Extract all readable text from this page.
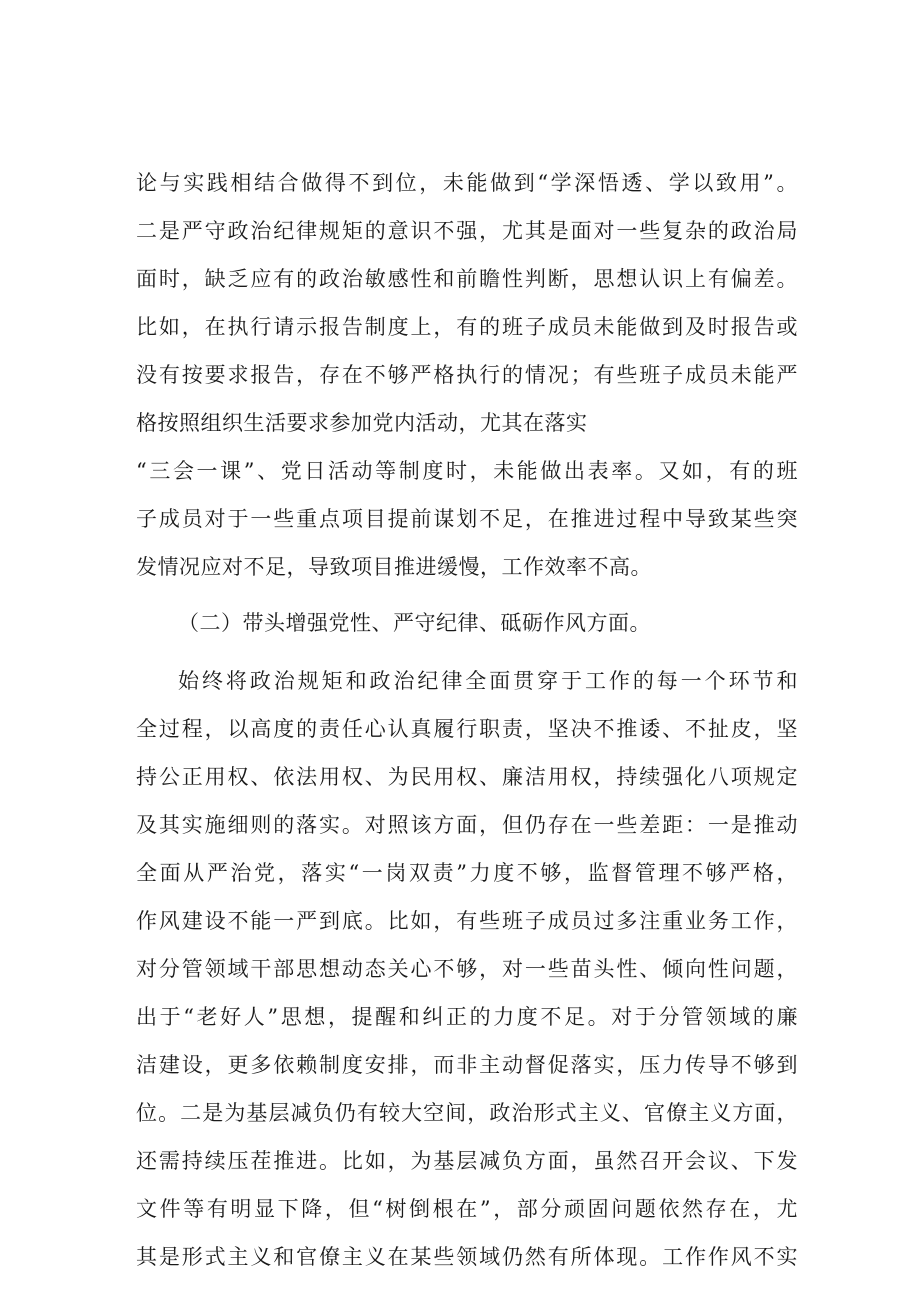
论与实践相结合做得不到位，未能做到“学深悟透、学以致用”。
二是严守政治纪律规矩的意识不强，尤其是面对一些复杂的政治局
面时，缺乏应有的政治敏感性和前瞻性判断，思想认识上有偏差。
比如，在执行请示报告制度上，有的班子成员未能做到及时报告或
没有按要求报告，存在不够严格执行的情况；有些班子成员未能严
格按照组织生活要求参加党内活动，尤其在落实
“三会一课”、党日活动等制度时，未能做出表率。又如，有的班
子成员对于一些重点项目提前谋划不足，在推进过程中导致某些突
发情况应对不足，导致项目推进缓慢，工作效率不高。
（二）带头增强党性、严守纪律、砥砺作风方面。
始终将政治规矩和政治纪律全面贯穿于工作的每一个环节和
全过程，以高度的责任心认真履行职责，坚决不推诿、不扯皮，坚
持公正用权、依法用权、为民用权、廉洁用权，持续强化八项规定
及其实施细则的落实。对照该方面，但仍存在一些差距：一是推动
全面从严治党，落实“一岗双责”力度不够，监督管理不够严格，
作风建设不能一严到底。比如，有些班子成员过多注重业务工作，
对分管领域干部思想动态关心不够，对一些苗头性、倾向性问题，
出于“老好人”思想，提醒和纠正的力度不足。对于分管领域的廉
洁建设，更多依赖制度安排，而非主动督促落实，压力传导不够到
位。二是为基层减负仍有较大空间，政治形式主义、官僚主义方面，
还需持续压茬推进。比如，为基层减负方面，虽然召开会议、下发
文件等有明显下降，但“树倒根在”，部分顽固问题依然存在，尤
其是形式主义和官僚主义在某些领域仍然有所体现。工作作风不实
